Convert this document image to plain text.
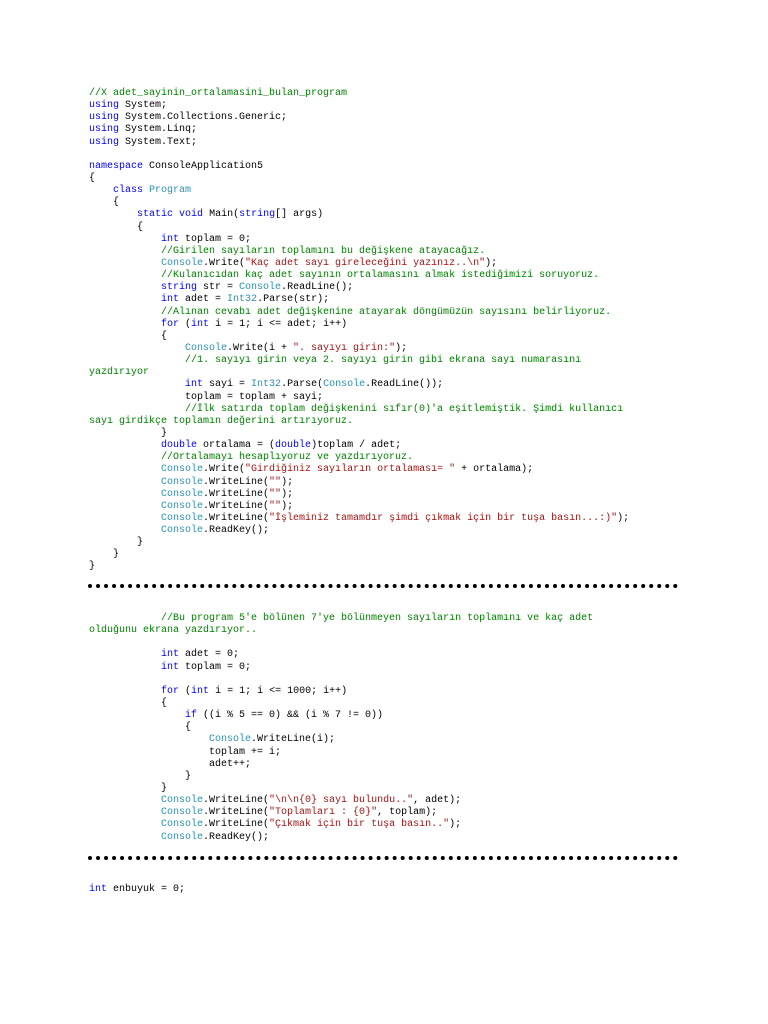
//X adet_sayinin_ortalamasini_bulan_program
using System;
using System.Collections.Generic;
using System.Linq;
using System.Text;
namespace ConsoleApplication5
{
class Program
{
static void Main(string[] args)
{
int toplam = 0;
//Girilen sayıların toplamını bu değişkene atayacağız.
Console.Write("Kaç adet sayı gireleceğini yazınız..\n");
//Kulanıcıdan kaç adet sayının ortalamasını almak istediğimizi soruyoruz.
string str = Console.ReadLine();
int adet = Int32.Parse(str);
//Alınan cevabı adet değişkenine atayarak döngümüzün sayısını belirliyoruz.
for (int i = 1; i <= adet; i++)
{
Console.Write(i + ". sayıyı girin:");
//1. sayıyı girin veya 2. sayıyı girin gibi ekrana sayı numarasını
yazdırıyor
int sayi = Int32.Parse(Console.ReadLine());
toplam = toplam + sayi;
//İlk satırda toplam değişkenini sıfır(0)'a eşitlemiştik. Şimdi kullanıcı
sayı girdikçe toplamın değerini artırıyoruz.
}
double ortalama = (double)toplam / adet;
//Ortalamayı hesaplıyoruz ve yazdırıyoruz.
Console.Write("Girdiğiniz sayıların ortalaması= " + ortalama);
Console.WriteLine("");
Console.WriteLine("");
Console.WriteLine("");
Console.WriteLine("İşleminiz tamamdır şimdi çıkmak için bir tuşa basın...:)");
Console.ReadKey();
}
}
}
//Bu program 5'e bölünen 7'ye bölünmeyen sayıların toplamını ve kaç adet
olduğunu ekrana yazdırıyor..
int adet = 0;
int toplam = 0;
for (int i = 1; i <= 1000; i++)
{
if ((i % 5 == 0) && (i % 7 != 0))
{
Console.WriteLine(i);
toplam += i;
adet++;
}
}
Console.WriteLine("\n\n{0} sayı bulundu..", adet);
Console.WriteLine("Toplamları : {0}", toplam);
Console.WriteLine("Çıkmak için bir tuşa basın..");
Console.ReadKey();
int enbuyuk = 0;
